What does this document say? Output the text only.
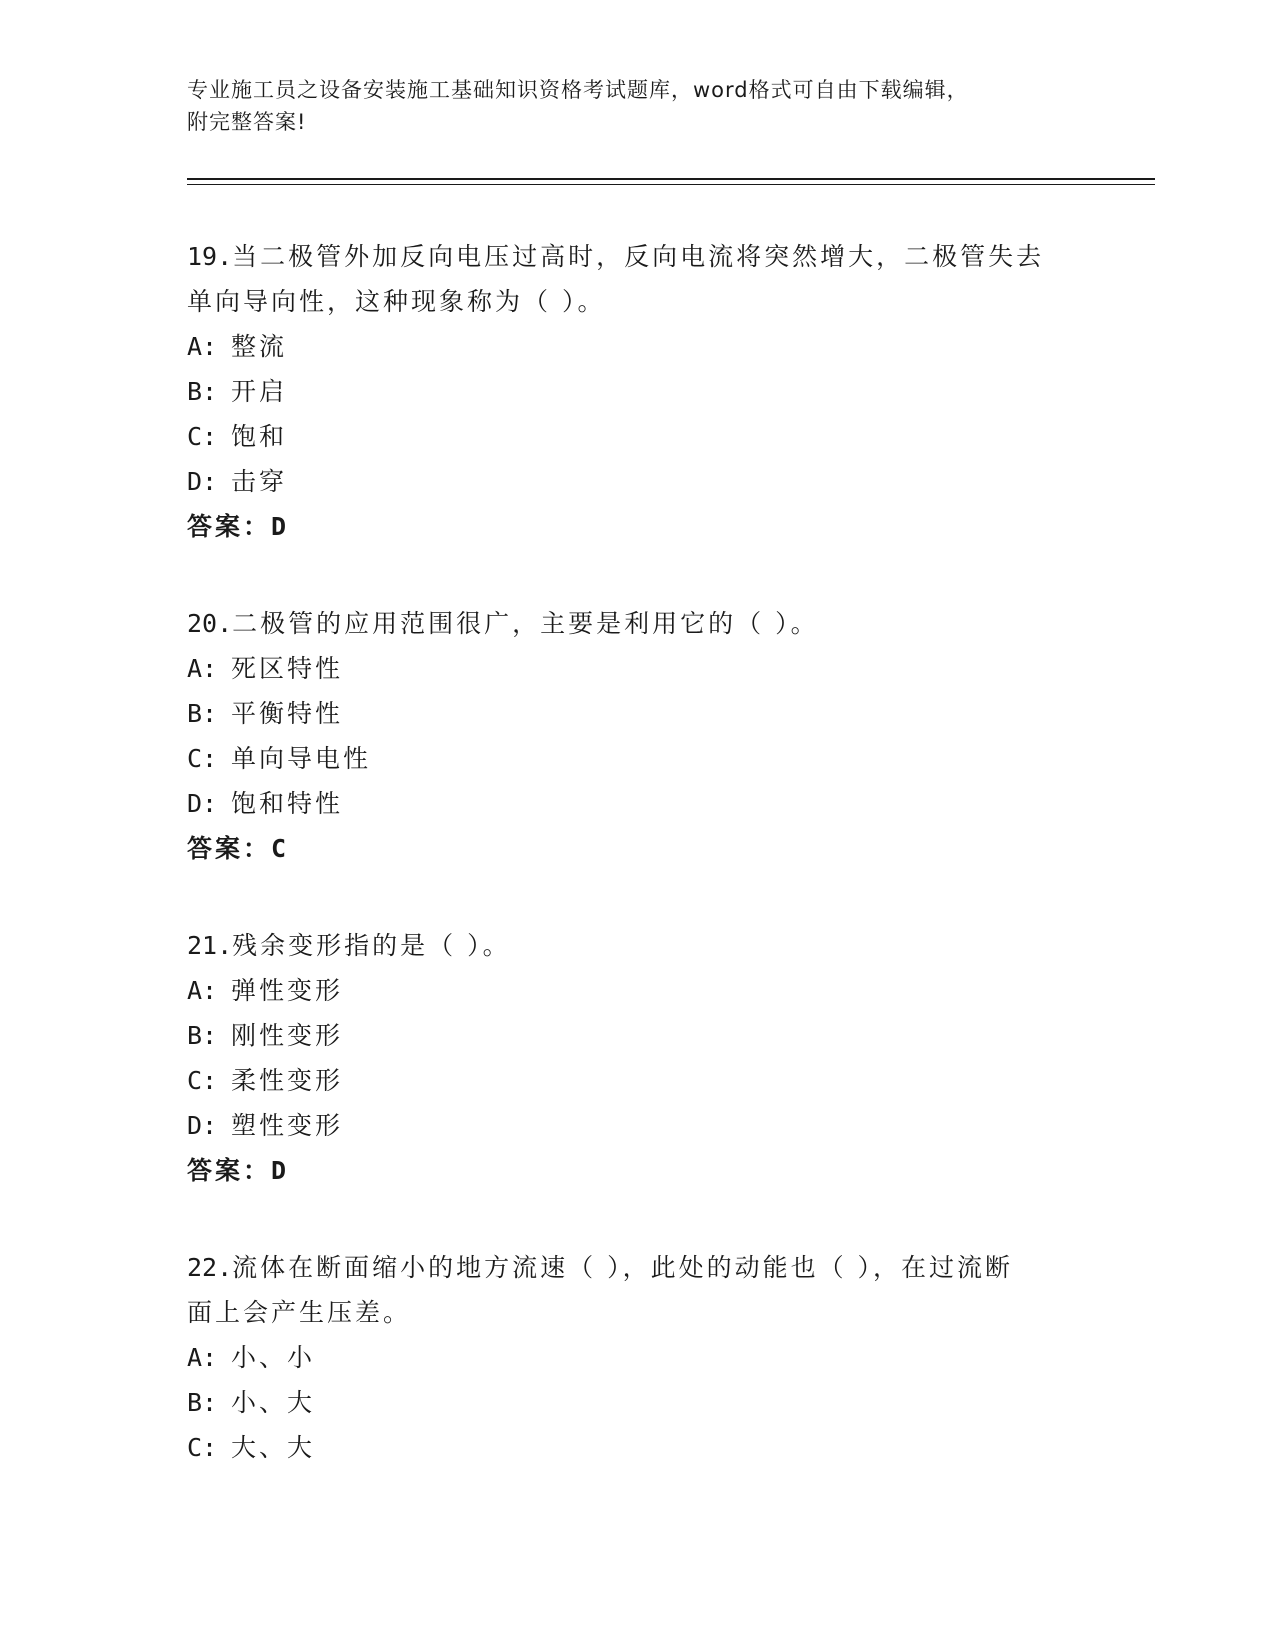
专业施工员之设备安装施工基础知识资格考试题库，word格式可自由下载编辑，
附完整答案!

19.当二极管外加反向电压过高时，反向电流将突然增大，二极管失去

单向导向性，这种现象称为（ ）。

A: 整流

B: 开启

C: 饱和

D: 击穿

答案：D

20.二极管的应用范围很广，主要是利用它的（ ）。

A: 死区特性

B: 平衡特性

C: 单向导电性

D: 饱和特性

答案：C

21.残余变形指的是（ ）。

A: 弹性变形

B: 刚性变形

C: 柔性变形

D: 塑性变形

答案：D

22.流体在断面缩小的地方流速（ ），此处的动能也（ ），在过流断

面上会产生压差。

A: 小、小

B: 小、大

C: 大、大
